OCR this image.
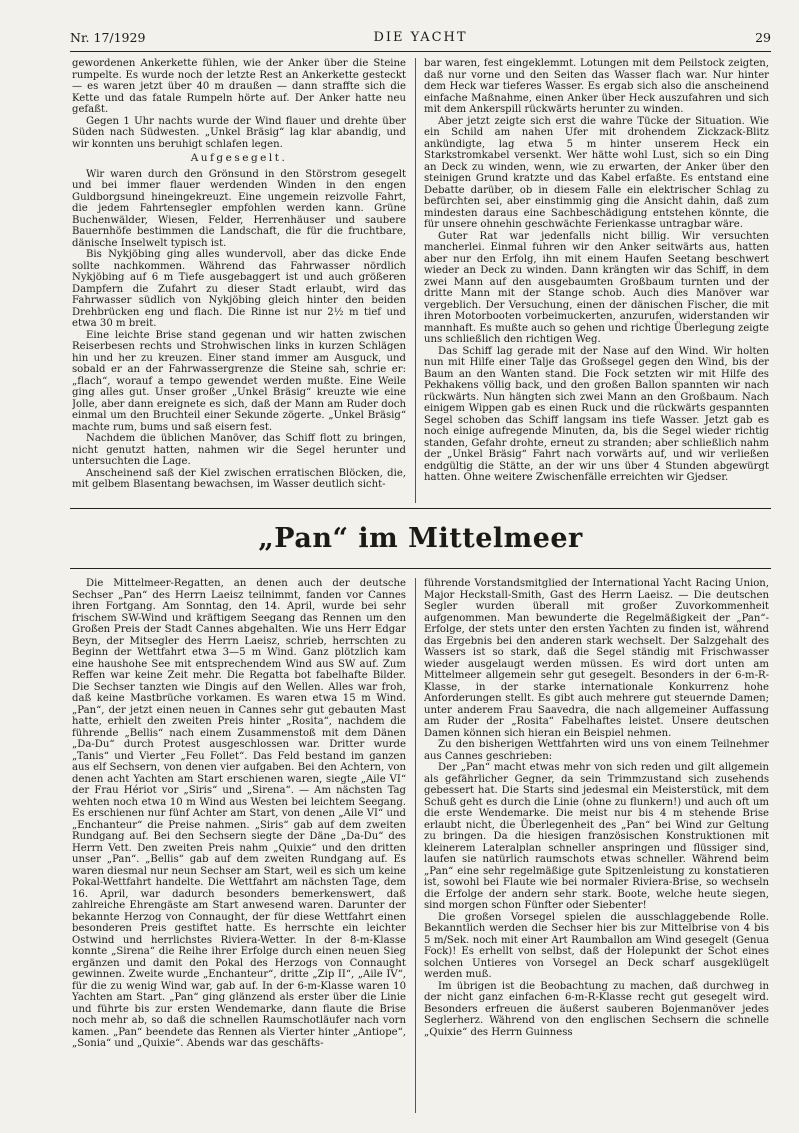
Nr. 17/1929	DIE YACHT	29

gewordenen Ankerkette fühlen, wie der Anker über die Steine rumpelte. Es wurde noch der letzte Rest an Ankerkette gesteckt — es waren jetzt über 40 m draußen — dann straffte sich die Kette und das fatale Rumpeln hörte auf. Der Anker hatte neu gefaßt.

Gegen 1 Uhr nachts wurde der Wind flauer und drehte über Süden nach Südwesten. „Unkel Bräsig“ lag klar abandig, und wir konnten uns beruhigt schlafen legen.

Aufgesegelt.

Wir waren durch den Grönsund in den Störstrom gesegelt und bei immer flauer werdenden Winden in den engen Guldborgsund hineingekreuzt. Eine ungemein reizvolle Fahrt, die jedem Fahrtensegler empfohlen werden kann. Grüne Buchenwälder, Wiesen, Felder, Herrenhäuser und saubere Bauernhöfe bestimmen die Landschaft, die für die fruchtbare, dänische Inselwelt typisch ist.

Bis Nykjöbing ging alles wundervoll, aber das dicke Ende sollte nachkommen. Während das Fahrwasser nördlich Nykjöbing auf 6 m Tiefe ausgebaggert ist und auch größeren Dampfern die Zufahrt zu dieser Stadt erlaubt, wird das Fahrwasser südlich von Nykjöbing gleich hinter den beiden Drehbrücken eng und flach. Die Rinne ist nur 2½ m tief und etwa 30 m breit.

Eine leichte Brise stand gegenan und wir hatten zwischen Reiserbesen rechts und Strohwischen links in kurzen Schlägen hin und her zu kreuzen. Einer stand immer am Ausguck, und sobald er an der Fahrwassergrenze die Steine sah, schrie er: „flach“, worauf a tempo gewendet werden mußte. Eine Weile ging alles gut. Unser großer „Unkel Bräsig“ kreuzte wie eine Jolle, aber dann ereignete es sich, daß der Mann am Ruder doch einmal um den Bruchteil einer Sekunde zögerte. „Unkel Bräsig“ machte rum, bums und saß eisern fest.

Nachdem die üblichen Manöver, das Schiff flott zu bringen, nicht genutzt hatten, nahmen wir die Segel herunter und untersuchten die Lage.

Anscheinend saß der Kiel zwischen erratischen Blöcken, die, mit gelbem Blasentang bewachsen, im Wasser deutlich sicht-

bar waren, fest eingeklemmt. Lotungen mit dem Peilstock zeigten, daß nur vorne und den Seiten das Wasser flach war. Nur hinter dem Heck war tieferes Wasser. Es ergab sich also die anscheinend einfache Maßnahme, einen Anker über Heck auszufahren und sich mit dem Ankerspill rückwärts herunter zu winden.

Aber jetzt zeigte sich erst die wahre Tücke der Situation. Wie ein Schild am nahen Ufer mit drohendem Zickzack-Blitz ankündigte, lag etwa 5 m hinter unserem Heck ein Starkstromkabel versenkt. Wer hätte wohl Lust, sich so ein Ding an Deck zu winden, wenn, wie zu erwarten, der Anker über den steinigen Grund kratzte und das Kabel erfaßte. Es entstand eine Debatte darüber, ob in diesem Falle ein elektrischer Schlag zu befürchten sei, aber einstimmig ging die Ansicht dahin, daß zum mindesten daraus eine Sachbeschädigung entstehen könnte, die für unsere ohnehin geschwächte Ferienkasse untragbar wäre.

Guter Rat war jedenfalls nicht billig. Wir versuchten mancherlei. Einmal fuhren wir den Anker seitwärts aus, hatten aber nur den Erfolg, ihn mit einem Haufen Seetang beschwert wieder an Deck zu winden. Dann krängten wir das Schiff, in dem zwei Mann auf den ausgebaumten Großbaum turnten und der dritte Mann mit der Stange schob. Auch dies Manöver war vergeblich. Der Versuchung, einen der dänischen Fischer, die mit ihren Motorbooten vorbeimuckerten, anzurufen, widerstanden wir mannhaft. Es mußte auch so gehen und richtige Überlegung zeigte uns schließlich den richtigen Weg.

Das Schiff lag gerade mit der Nase auf den Wind. Wir holten nun mit Hilfe einer Talje das Großsegel gegen den Wind, bis der Baum an den Wanten stand. Die Fock setzten wir mit Hilfe des Pekhakens völlig back, und den großen Ballon spannten wir nach rückwärts. Nun hängten sich zwei Mann an den Großbaum. Nach einigem Wippen gab es einen Ruck und die rückwärts gespannten Segel schoben das Schiff langsam ins tiefe Wasser. Jetzt gab es noch einige aufregende Minuten, da, bis die Segel wieder richtig standen, Gefahr drohte, erneut zu stranden; aber schließlich nahm der „Unkel Bräsig“ Fahrt nach vorwärts auf, und wir verließen endgültig die Stätte, an der wir uns über 4 Stunden abgewürgt hatten. Ohne weitere Zwischenfälle erreichten wir Gjedser.

„Pan“ im Mittelmeer

Die Mittelmeer-Regatten, an denen auch der deutsche Sechser „Pan“ des Herrn Laeisz teilnimmt, fanden vor Cannes ihren Fortgang. Am Sonntag, den 14. April, wurde bei sehr frischem SW-Wind und kräftigem Seegang das Rennen um den Großen Preis der Stadt Cannes abgehalten. Wie uns Herr Edgar Beyn, der Mitsegler des Herrn Laeisz, schrieb, herrschten zu Beginn der Wettfahrt etwa 3—5 m Wind. Ganz plötzlich kam eine haushohe See mit entsprechendem Wind aus SW auf. Zum Reffen war keine Zeit mehr. Die Regatta bot fabelhafte Bilder. Die Sechser tanzten wie Dingis auf den Wellen. Alles war froh, daß keine Mastbrüche vorkamen. Es waren etwa 15 m Wind. „Pan“, der jetzt einen neuen in Cannes sehr gut gebauten Mast hatte, erhielt den zweiten Preis hinter „Rosita“, nachdem die führende „Bellis“ nach einem Zusammenstoß mit dem Dänen „Da-Du“ durch Protest ausgeschlossen war. Dritter wurde „Tanis“ und Vierter „Feu Follet“. Das Feld bestand im ganzen aus elf Sechsern, von denen vier aufgaben. Bei den Achtern, von denen acht Yachten am Start erschienen waren, siegte „Aile VI“ der Frau Hériot vor „Siris“ und „Sirena“. — Am nächsten Tag wehten noch etwa 10 m Wind aus Westen bei leichtem Seegang. Es erschienen nur fünf Achter am Start, von denen „Aile VI“ und „Enchanteur“ die Preise nahmen. „Siris“ gab auf dem zweiten Rundgang auf. Bei den Sechsern siegte der Däne „Da-Du“ des Herrn Vett. Den zweiten Preis nahm „Quixie“ und den dritten unser „Pan“. „Bellis“ gab auf dem zweiten Rundgang auf. Es waren diesmal nur neun Sechser am Start, weil es sich um keine Pokal-Wettfahrt handelte. Die Wettfahrt am nächsten Tage, dem 16. April, war dadurch besonders bemerkenswert, daß zahlreiche Ehrengäste am Start anwesend waren. Darunter der bekannte Herzog von Connaught, der für diese Wettfahrt einen besonderen Preis gestiftet hatte. Es herrschte ein leichter Ostwind und herrlichstes Riviera-Wetter. In der 8-m-Klasse konnte „Sirena“ die Reihe ihrer Erfolge durch einen neuen Sieg ergänzen und damit den Pokal des Herzogs von Connaught gewinnen. Zweite wurde „Enchanteur“, dritte „Zip II“, „Aile IV“, für die zu wenig Wind war, gab auf. In der 6-m-Klasse waren 10 Yachten am Start. „Pan“ ging glänzend als erster über die Linie und führte bis zur ersten Wendemarke, dann flaute die Brise noch mehr ab, so daß die schnellen Raumschotläufer nach vorn kamen. „Pan“ beendete das Rennen als Vierter hinter „Antiope“, „Sonia“ und „Quixie“. Abends war das geschäfts-

führende Vorstandsmitglied der International Yacht Racing Union, Major Heckstall-Smith, Gast des Herrn Laeisz. — Die deutschen Segler wurden überall mit großer Zuvorkommenheit aufgenommen. Man bewunderte die Regelmäßigkeit der „Pan“-Erfolge, der stets unter den ersten Yachten zu finden ist, während das Ergebnis bei den anderen stark wechselt. Der Salzgehalt des Wassers ist so stark, daß die Segel ständig mit Frischwasser wieder ausgelaugt werden müssen. Es wird dort unten am Mittelmeer allgemein sehr gut gesegelt. Besonders in der 6-m-R-Klasse, in der starke internationale Konkurrenz hohe Anforderungen stellt. Es gibt auch mehrere gut steuernde Damen; unter anderem Frau Saavedra, die nach allgemeiner Auffassung am Ruder der „Rosita“ Fabelhaftes leistet. Unsere deutschen Damen können sich hieran ein Beispiel nehmen.

Zu den bisherigen Wettfahrten wird uns von einem Teilnehmer aus Cannes geschrieben:

Der „Pan“ macht etwas mehr von sich reden und gilt allgemein als gefährlicher Gegner, da sein Trimmzustand sich zusehends gebessert hat. Die Starts sind jedesmal ein Meisterstück, mit dem Schuß geht es durch die Linie (ohne zu flunkern!) und auch oft um die erste Wendemarke. Die meist nur bis 4 m stehende Brise erlaubt nicht, die Überlegenheit des „Pan“ bei Wind zur Geltung zu bringen. Da die hiesigen französischen Konstruktionen mit kleinerem Lateralplan schneller anspringen und flüssiger sind, laufen sie natürlich raumschots etwas schneller. Während beim „Pan“ eine sehr regelmäßige gute Spitzenleistung zu konstatieren ist, sowohl bei Flaute wie bei normaler Riviera-Brise, so wechseln die Erfolge der andern sehr stark. Boote, welche heute siegen, sind morgen schon Fünfter oder Siebenter!

Die großen Vorsegel spielen die ausschlaggebende Rolle. Bekanntlich werden die Sechser hier bis zur Mittelbrise von 4 bis 5 m/Sek. noch mit einer Art Raumballon am Wind gesegelt (Genua Fock)! Es erhellt von selbst, daß der Holepunkt der Schot eines solchen Untieres von Vorsegel an Deck scharf ausgeklügelt werden muß.

Im übrigen ist die Beobachtung zu machen, daß durchweg in der nicht ganz einfachen 6-m-R-Klasse recht gut gesegelt wird. Besonders erfreuen die äußerst sauberen Bojenmanöver jedes Seglerherz. Während von den englischen Sechsern die schnelle „Quixie“ des Herrn Guinness
